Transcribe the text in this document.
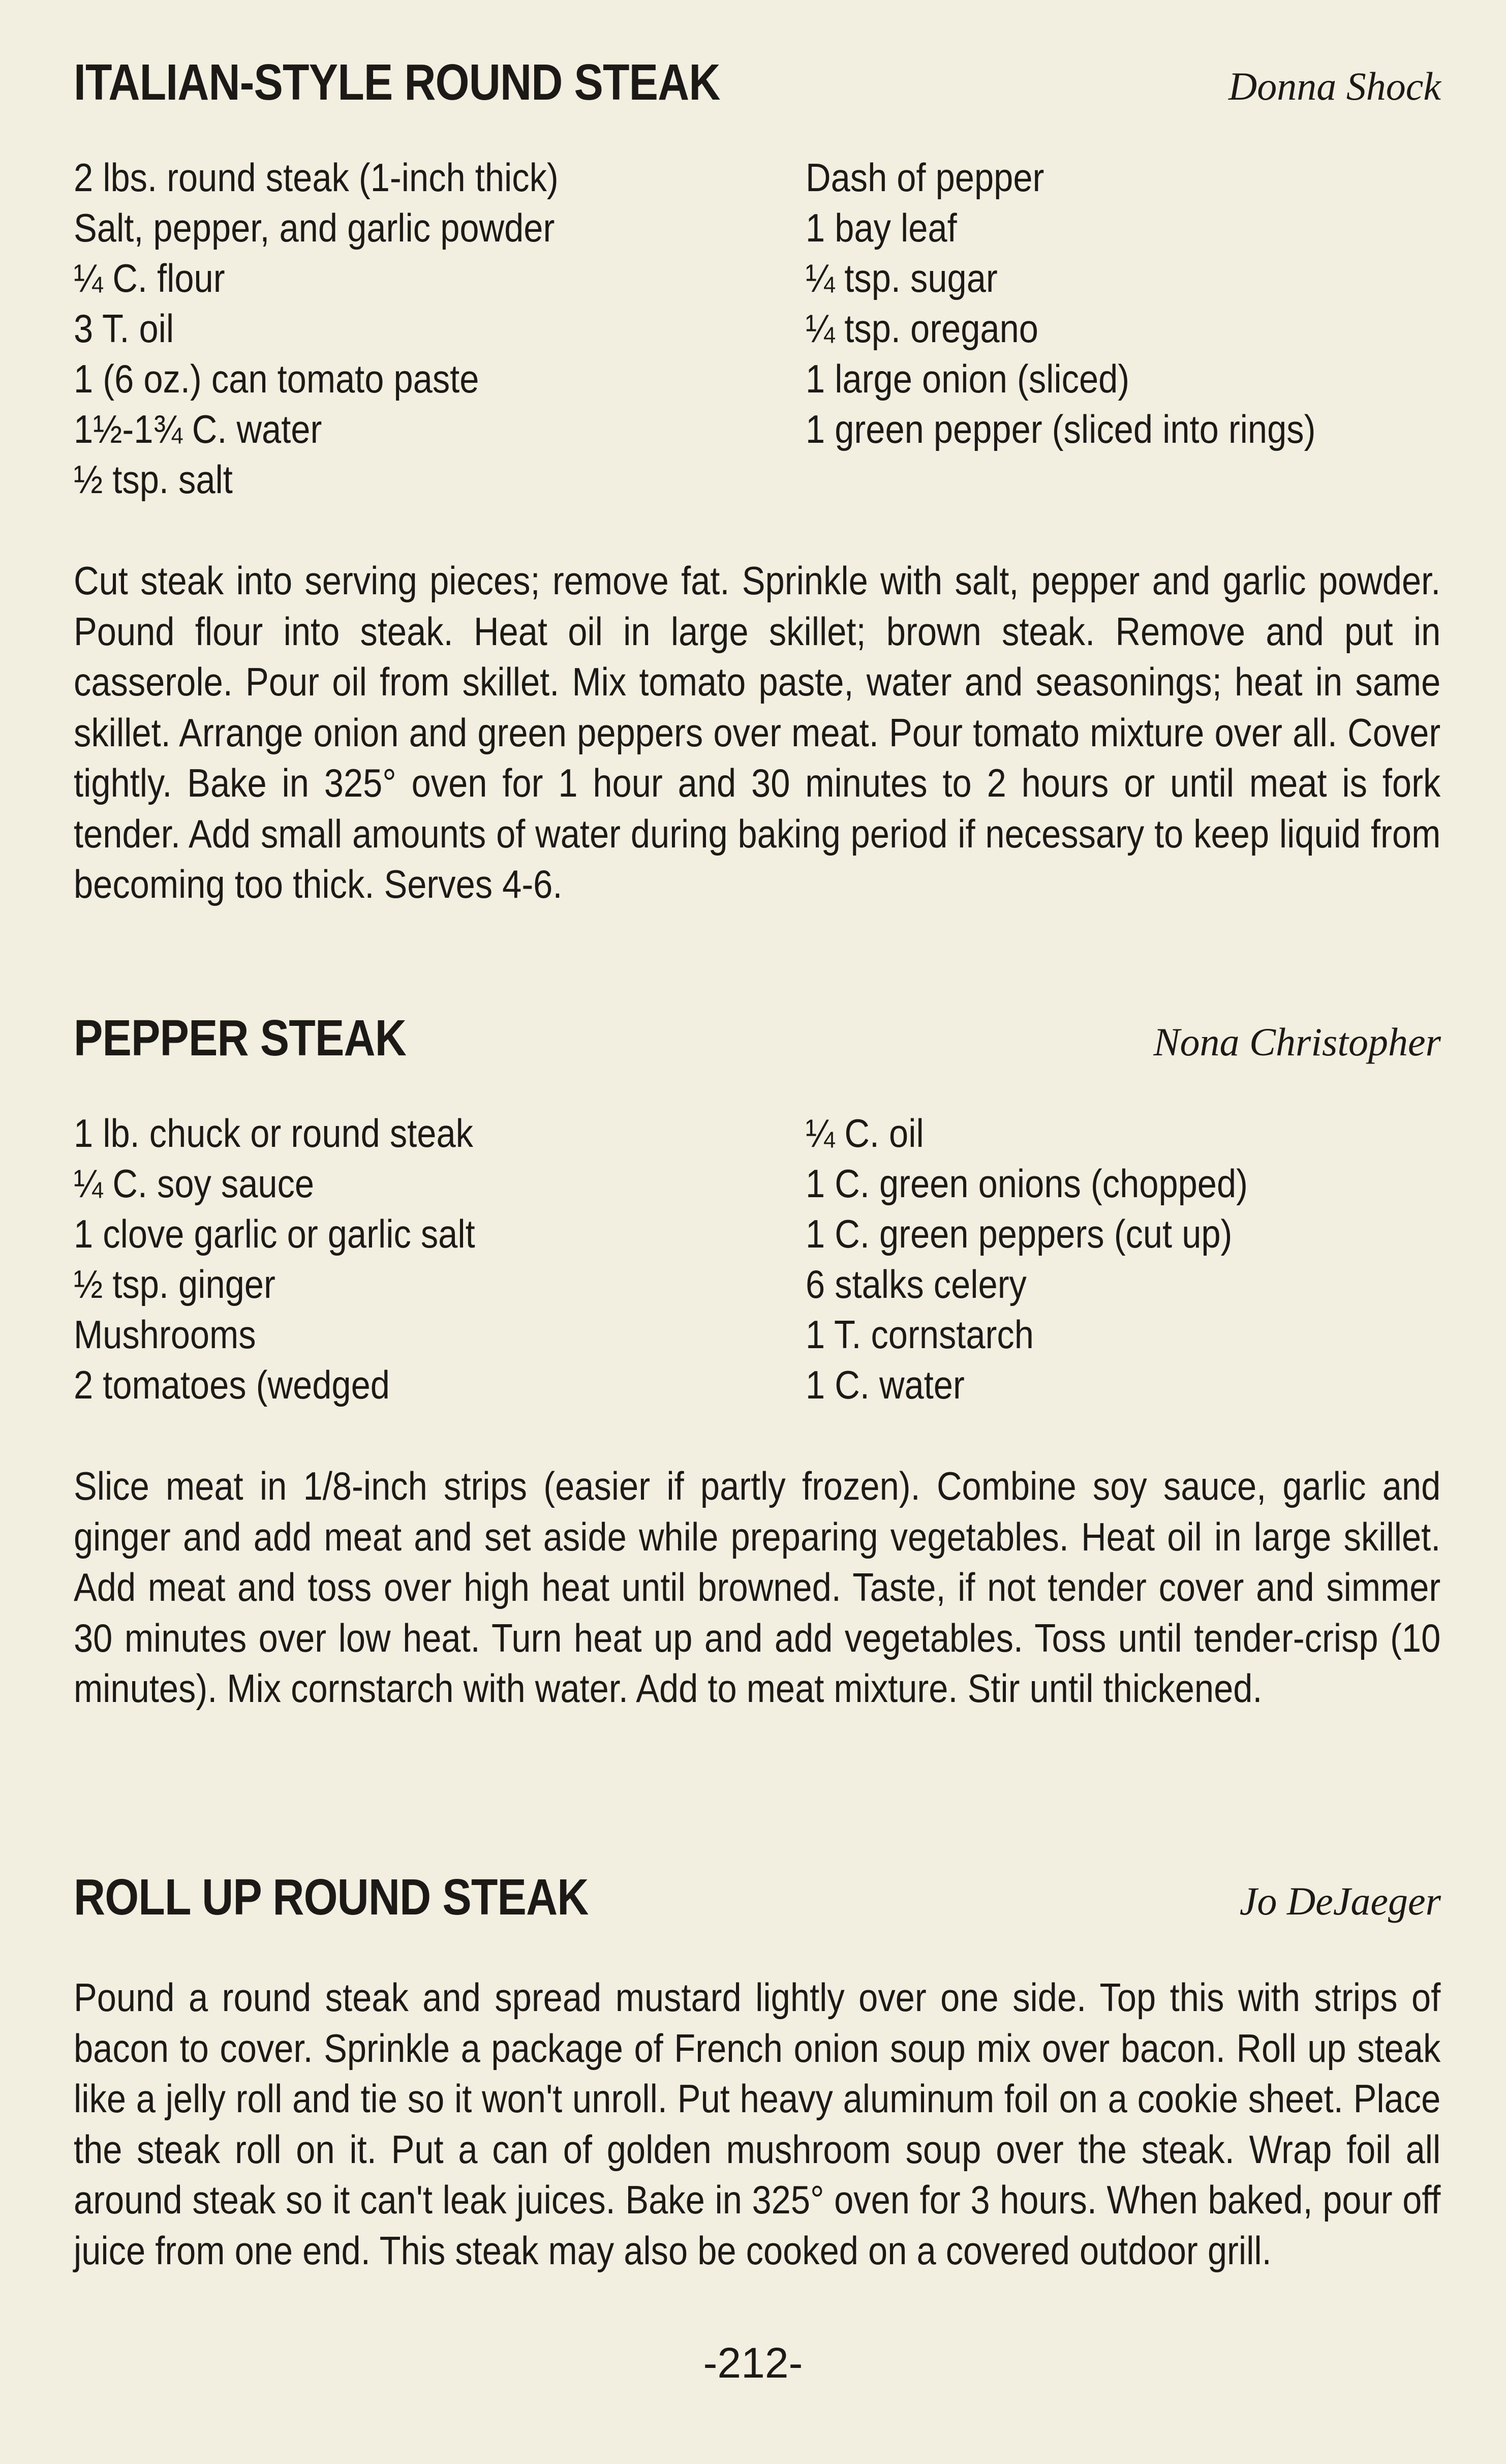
ITALIAN-STYLE ROUND STEAK	Donna Shock
2 lbs. round steak (1-inch thick)
Salt, pepper, and garlic powder
¼ C. flour
3 T. oil
1 (6 oz.) can tomato paste
1½-1¾ C. water
½ tsp. salt
Dash of pepper
1 bay leaf
¼ tsp. sugar
¼ tsp. oregano
1 large onion (sliced)
1 green pepper (sliced into rings)

Cut steak into serving pieces; remove fat. Sprinkle with salt, pepper and garlic powder. Pound flour into steak. Heat oil in large skillet; brown steak. Remove and put in casserole. Pour oil from skillet. Mix tomato paste, water and seasonings; heat in same skillet. Arrange onion and green peppers over meat. Pour tomato mixture over all. Cover tightly. Bake in 325° oven for 1 hour and 30 minutes to 2 hours or until meat is fork tender. Add small amounts of water during baking period if necessary to keep liquid from becoming too thick. Serves 4-6.

PEPPER STEAK	Nona Christopher
1 lb. chuck or round steak
¼ C. soy sauce
1 clove garlic or garlic salt
½ tsp. ginger
Mushrooms
2 tomatoes (wedged
¼ C. oil
1 C. green onions (chopped)
1 C. green peppers (cut up)
6 stalks celery
1 T. cornstarch
1 C. water

Slice meat in 1/8-inch strips (easier if partly frozen). Combine soy sauce, garlic and ginger and add meat and set aside while preparing vegetables. Heat oil in large skillet. Add meat and toss over high heat until browned. Taste, if not tender cover and simmer 30 minutes over low heat. Turn heat up and add vegetables. Toss until tender-crisp (10 minutes). Mix cornstarch with water. Add to meat mixture. Stir until thickened.

ROLL UP ROUND STEAK	Jo DeJaeger

Pound a round steak and spread mustard lightly over one side. Top this with strips of bacon to cover. Sprinkle a package of French onion soup mix over bacon. Roll up steak like a jelly roll and tie so it won't unroll. Put heavy aluminum foil on a cookie sheet. Place the steak roll on it. Put a can of golden mushroom soup over the steak. Wrap foil all around steak so it can't leak juices. Bake in 325° oven for 3 hours. When baked, pour off juice from one end. This steak may also be cooked on a covered outdoor grill.

-212-
